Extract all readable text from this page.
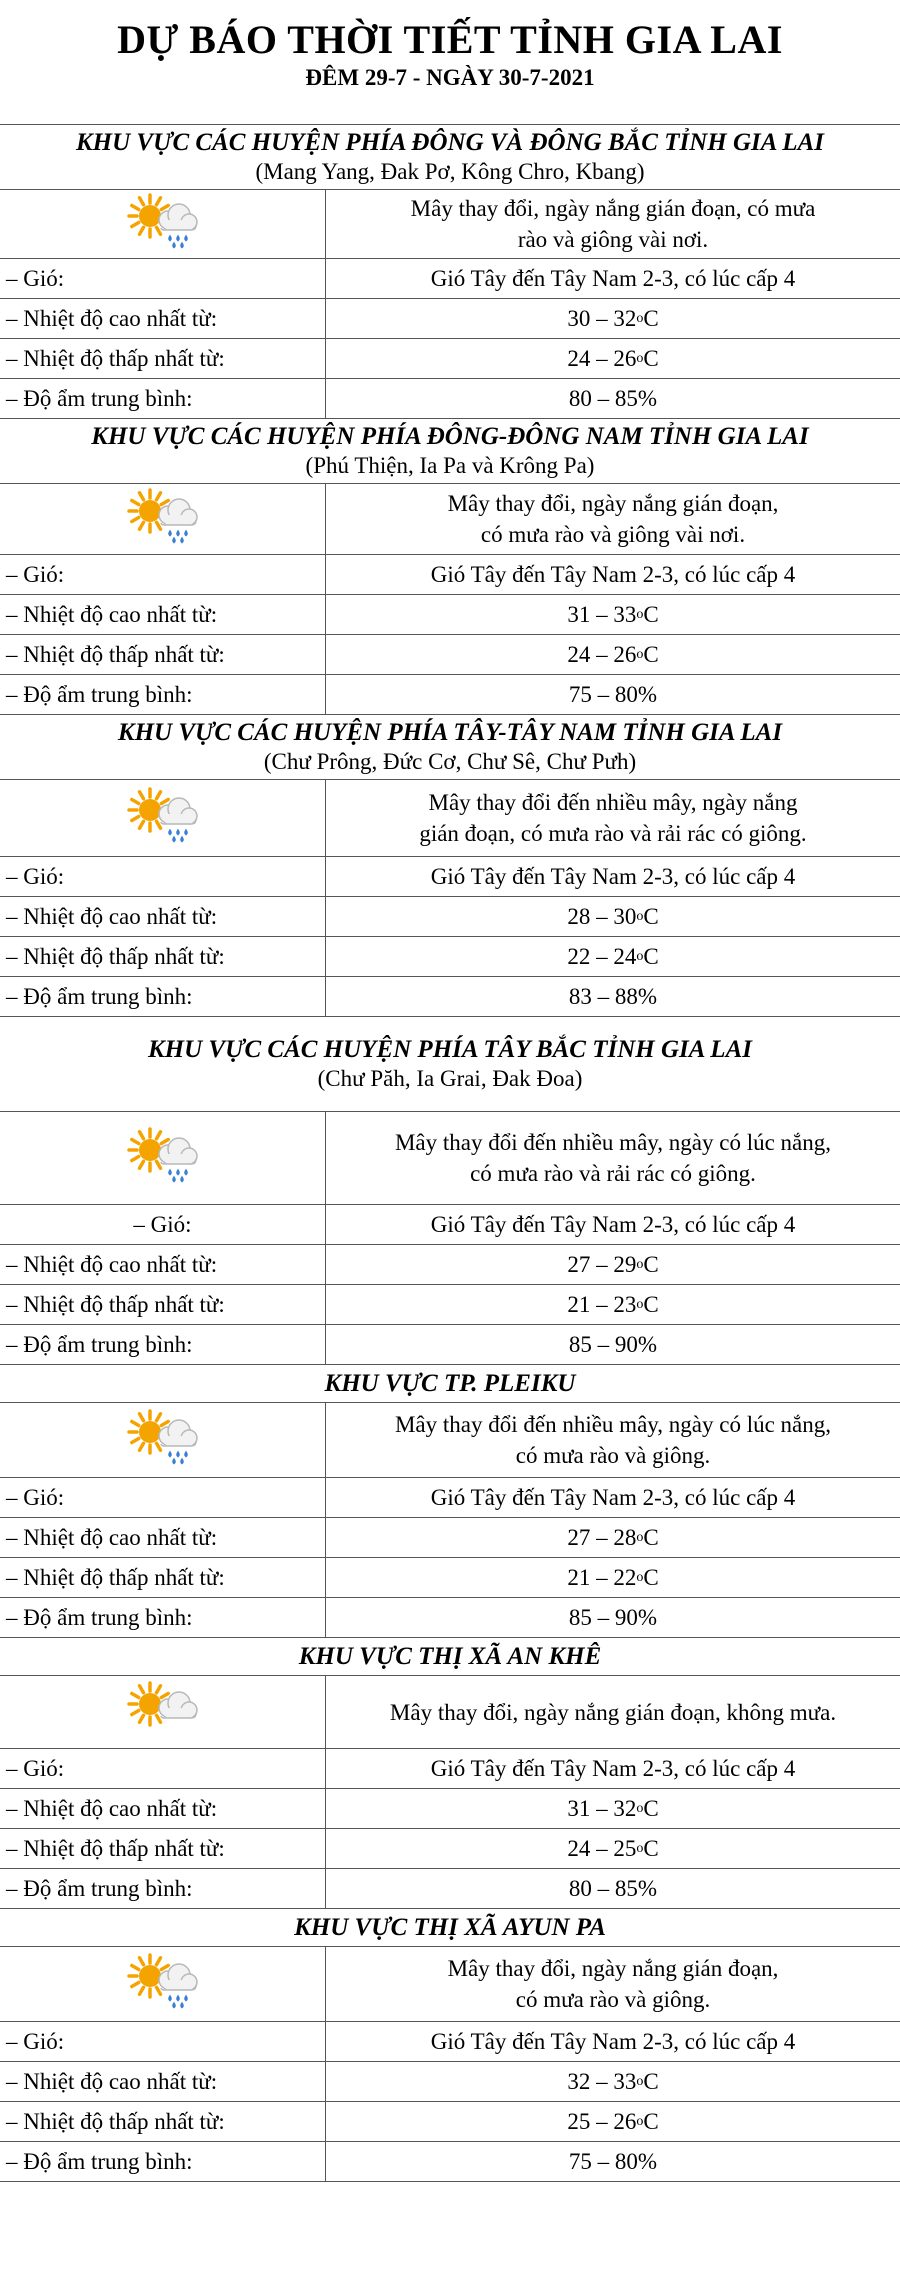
DỰ BÁO THỜI TIẾT TỈNH GIA LAI
ĐÊM 29-7 - NGÀY 30-7-2021
KHU VỰC CÁC HUYỆN PHÍA ĐÔNG VÀ ĐÔNG BẮC TỈNH GIA LAI
(Mang Yang, Đak Pơ, Kông Chro, Kbang)
Mây thay đổi, ngày nắng gián đoạn, có mưa
rào và giông vài nơi.
– Gió:	Gió Tây đến Tây Nam 2-3, có lúc cấp 4
– Nhiệt độ cao nhất từ:	30 – 32 o C
– Nhiệt độ thấp nhất từ:	24 – 26 o C
– Độ ẩm trung bình:	80 – 85%
KHU VỰC CÁC HUYỆN PHÍA ĐÔNG-ĐÔNG NAM TỈNH GIA LAI
(Phú Thiện, Ia Pa và Krông Pa)
Mây thay đổi, ngày nắng gián đoạn,
có mưa rào và giông vài nơi.
– Gió:	Gió Tây đến Tây Nam 2-3, có lúc cấp 4
– Nhiệt độ cao nhất từ:	31 – 33 o C
– Nhiệt độ thấp nhất từ:	24 – 26 o C
– Độ ẩm trung bình:	75 – 80%
KHU VỰC CÁC HUYỆN PHÍA TÂY-TÂY NAM TỈNH GIA LAI
(Chư Prông, Đức Cơ, Chư Sê, Chư Pưh)
Mây thay đổi đến nhiều mây, ngày nắng
gián đoạn, có mưa rào và rải rác có giông.
– Gió:	Gió Tây đến Tây Nam 2-3, có lúc cấp 4
– Nhiệt độ cao nhất từ:	28 – 30 o C
– Nhiệt độ thấp nhất từ:	22 – 24 o C
– Độ ẩm trung bình:	83 – 88%
KHU VỰC CÁC HUYỆN PHÍA TÂY BẮC TỈNH GIA LAI
(Chư Păh, Ia Grai, Đak Đoa)
Mây thay đổi đến nhiều mây, ngày có lúc nắng,
có mưa rào và rải rác có giông.
– Gió:	Gió Tây đến Tây Nam 2-3, có lúc cấp 4
– Nhiệt độ cao nhất từ:	27 – 29 o C
– Nhiệt độ thấp nhất từ:	21 – 23 o C
– Độ ẩm trung bình:	85 – 90%
KHU VỰC TP. PLEIKU
Mây thay đổi đến nhiều mây, ngày có lúc nắng,
có mưa rào và giông.
– Gió:	Gió Tây đến Tây Nam 2-3, có lúc cấp 4
– Nhiệt độ cao nhất từ:	27 – 28 o C
– Nhiệt độ thấp nhất từ:	21 – 22 o C
– Độ ẩm trung bình:	85 – 90%
KHU VỰC THỊ XÃ AN KHÊ
Mây thay đổi, ngày nắng gián đoạn, không mưa.
– Gió:	Gió Tây đến Tây Nam 2-3, có lúc cấp 4
– Nhiệt độ cao nhất từ:	31 – 32 o C
– Nhiệt độ thấp nhất từ:	24 – 25 o C
– Độ ẩm trung bình:	80 – 85%
KHU VỰC THỊ XÃ AYUN PA
Mây thay đổi, ngày nắng gián đoạn,
có mưa rào và giông.
– Gió:	Gió Tây đến Tây Nam 2-3, có lúc cấp 4
– Nhiệt độ cao nhất từ:	32 – 33 o C
– Nhiệt độ thấp nhất từ:	25 – 26 o C
– Độ ẩm trung bình:	75 – 80%
